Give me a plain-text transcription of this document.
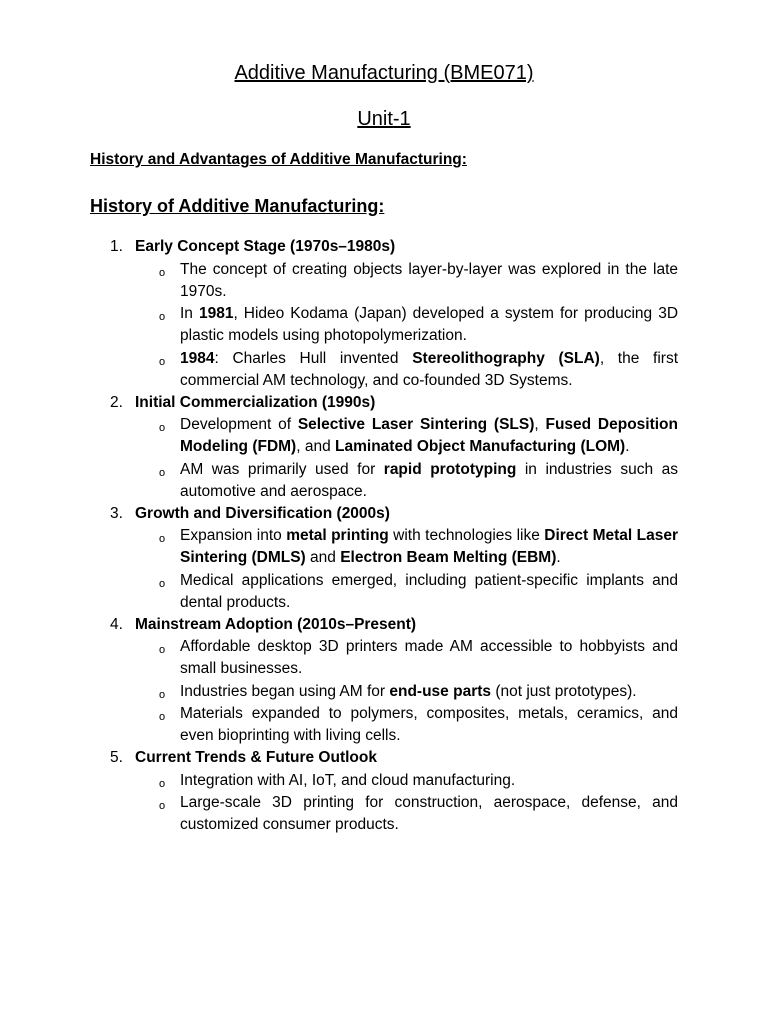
Additive Manufacturing (BME071)
Unit-1
History and Advantages of Additive Manufacturing:
History of Additive Manufacturing:
1. Early Concept Stage (1970s–1980s)
o The concept of creating objects layer-by-layer was explored in the late 1970s.
o In 1981, Hideo Kodama (Japan) developed a system for producing 3D plastic models using photopolymerization.
o 1984: Charles Hull invented Stereolithography (SLA), the first commercial AM technology, and co-founded 3D Systems.
2. Initial Commercialization (1990s)
o Development of Selective Laser Sintering (SLS), Fused Deposition Modeling (FDM), and Laminated Object Manufacturing (LOM).
o AM was primarily used for rapid prototyping in industries such as automotive and aerospace.
3. Growth and Diversification (2000s)
o Expansion into metal printing with technologies like Direct Metal Laser Sintering (DMLS) and Electron Beam Melting (EBM).
o Medical applications emerged, including patient-specific implants and dental products.
4. Mainstream Adoption (2010s–Present)
o Affordable desktop 3D printers made AM accessible to hobbyists and small businesses.
o Industries began using AM for end-use parts (not just prototypes).
o Materials expanded to polymers, composites, metals, ceramics, and even bioprinting with living cells.
5. Current Trends & Future Outlook
o Integration with AI, IoT, and cloud manufacturing.
o Large-scale 3D printing for construction, aerospace, defense, and customized consumer products.
